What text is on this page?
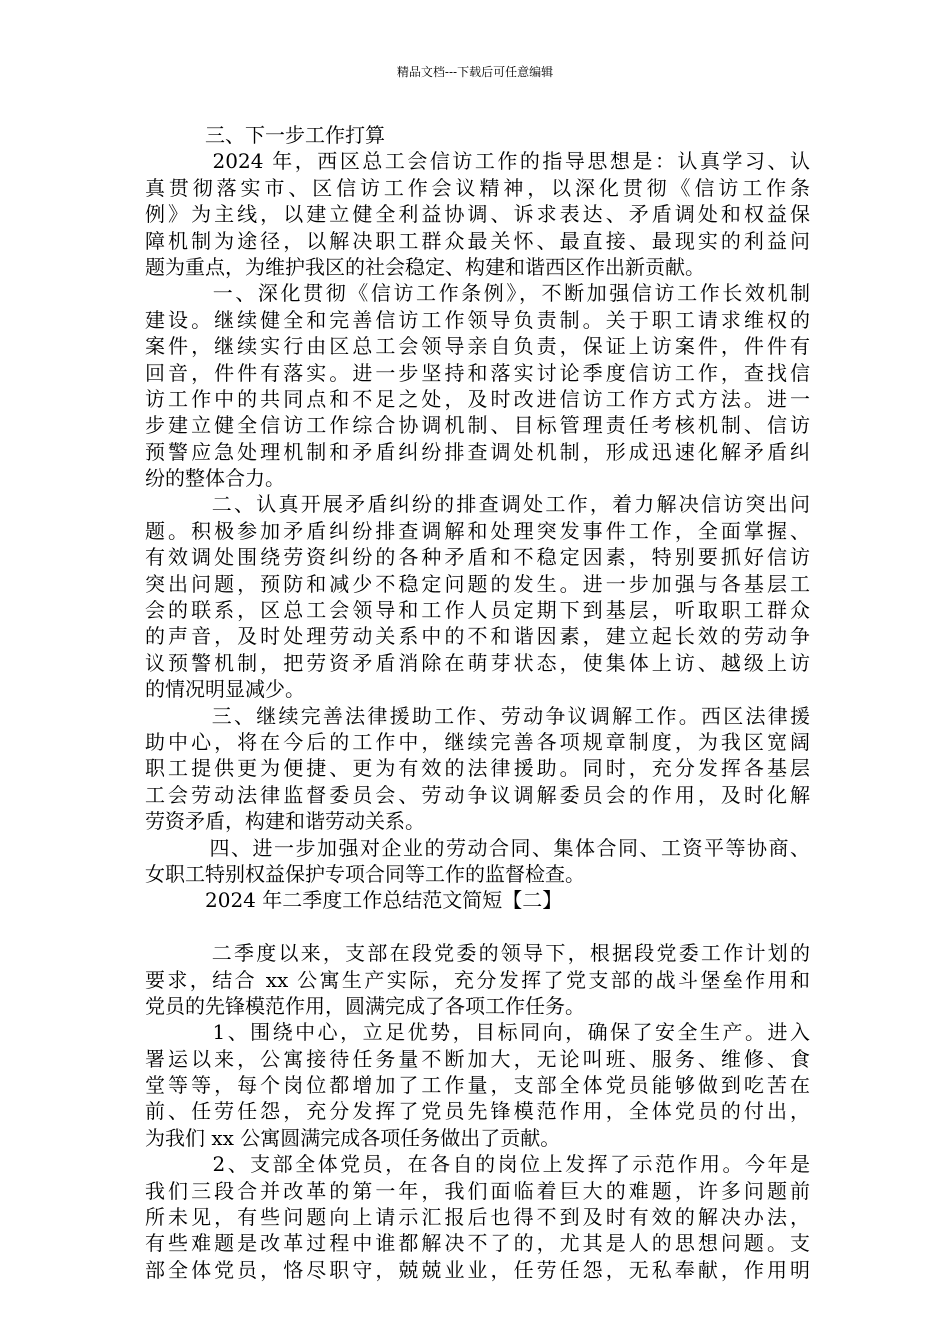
精品文档---下载后可任意编辑
　　　三、下一步工作打算
　　　2024 年，西区总工会信访工作的指导思想是：认真学习、认
真贯彻落实市、区信访工作会议精神，以深化贯彻《信访工作条
例》为主线，以建立健全利益协调、诉求表达、矛盾调处和权益保
障机制为途径，以解决职工群众最关怀、最直接、最现实的利益问
题为重点，为维护我区的社会稳定、构建和谐西区作出新贡献。
　　　一、深化贯彻《信访工作条例》，不断加强信访工作长效机制
建设。继续健全和完善信访工作领导负责制。关于职工请求维权的
案件，继续实行由区总工会领导亲自负责，保证上访案件，件件有
回音，件件有落实。进一步坚持和落实讨论季度信访工作，查找信
访工作中的共同点和不足之处，及时改进信访工作方式方法。进一
步建立健全信访工作综合协调机制、目标管理责任考核机制、信访
预警应急处理机制和矛盾纠纷排查调处机制，形成迅速化解矛盾纠
纷的整体合力。
　　　二、认真开展矛盾纠纷的排查调处工作，着力解决信访突出问
题。积极参加矛盾纠纷排查调解和处理突发事件工作，全面掌握、
有效调处围绕劳资纠纷的各种矛盾和不稳定因素，特别要抓好信访
突出问题，预防和减少不稳定问题的发生。进一步加强与各基层工
会的联系，区总工会领导和工作人员定期下到基层，听取职工群众
的声音，及时处理劳动关系中的不和谐因素，建立起长效的劳动争
议预警机制，把劳资矛盾消除在萌芽状态，使集体上访、越级上访
的情况明显减少。
　　　三、继续完善法律援助工作、劳动争议调解工作。西区法律援
助中心，将在今后的工作中，继续完善各项规章制度，为我区宽阔
职工提供更为便捷、更为有效的法律援助。同时，充分发挥各基层
工会劳动法律监督委员会、劳动争议调解委员会的作用，及时化解
劳资矛盾，构建和谐劳动关系。
　　　四、进一步加强对企业的劳动合同、集体合同、工资平等协商、
女职工特别权益保护专项合同等工作的监督检查。
　　　2024 年二季度工作总结范文简短【二】
　　　二季度以来，支部在段党委的领导下，根据段党委工作计划的
要求，结合 xx 公寓生产实际，充分发挥了党支部的战斗堡垒作用和
党员的先锋模范作用，圆满完成了各项工作任务。
　　　1、围绕中心，立足优势，目标同向，确保了安全生产。进入
署运以来，公寓接待任务量不断加大，无论叫班、服务、维修、食
堂等等，每个岗位都增加了工作量，支部全体党员能够做到吃苦在
前、任劳任怨，充分发挥了党员先锋模范作用，全体党员的付出，
为我们 xx 公寓圆满完成各项任务做出了贡献。
　　　2、支部全体党员，在各自的岗位上发挥了示范作用。今年是
我们三段合并改革的第一年，我们面临着巨大的难题，许多问题前
所未见，有些问题向上请示汇报后也得不到及时有效的解决办法，
有些难题是改革过程中谁都解决不了的，尤其是人的思想问题。支
部全体党员，恪尽职守，兢兢业业，任劳任怨，无私奉献，作用明
